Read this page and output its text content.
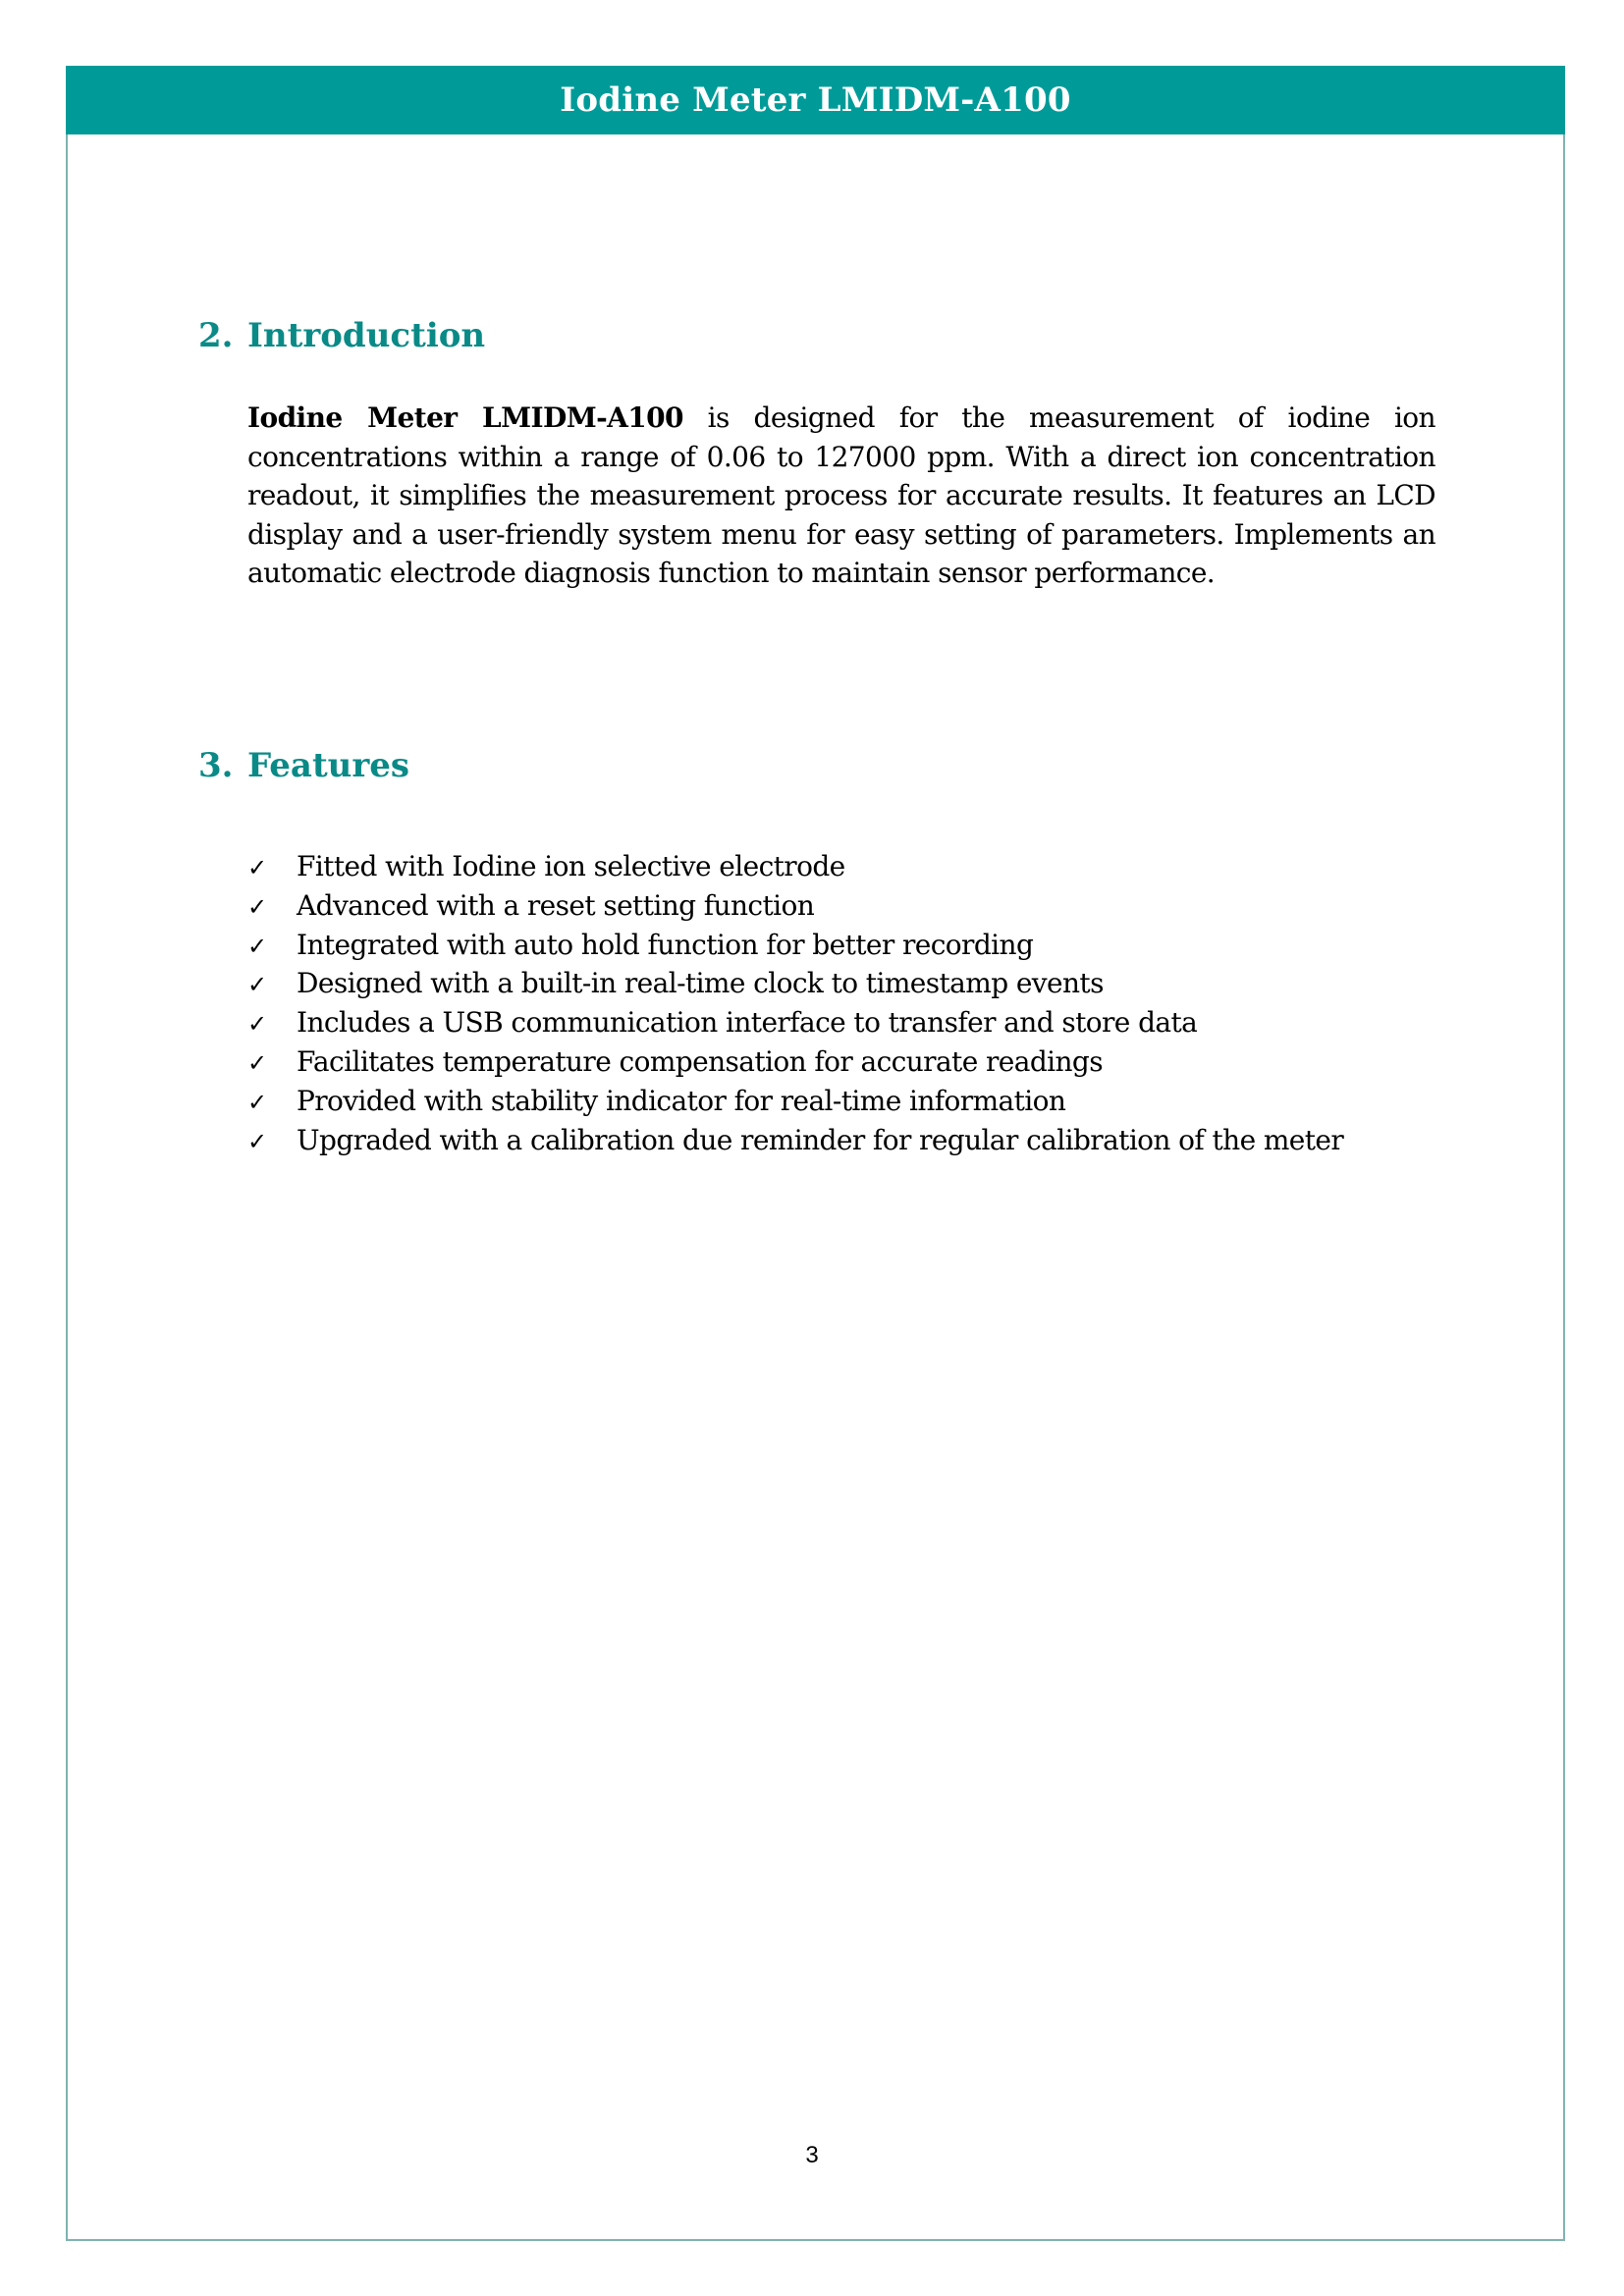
Iodine Meter LMIDM-A100
2. Introduction

Iodine Meter LMIDM-A100 is designed for the measurement of iodine ion concentrations within a range of 0.06 to 127000 ppm. With a direct ion concentration readout, it simplifies the measurement process for accurate results. It features an LCD display and a user-friendly system menu for easy setting of parameters. Implements an automatic electrode diagnosis function to maintain sensor performance.

3. Features
✓	Fitted with Iodine ion selective electrode
✓	Advanced with a reset setting function
✓	Integrated with auto hold function for better recording
✓	Designed with a built-in real-time clock to timestamp events
✓	Includes a USB communication interface to transfer and store data
✓	Facilitates temperature compensation for accurate readings
✓	Provided with stability indicator for real-time information
✓	Upgraded with a calibration due reminder for regular calibration of the meter
3
